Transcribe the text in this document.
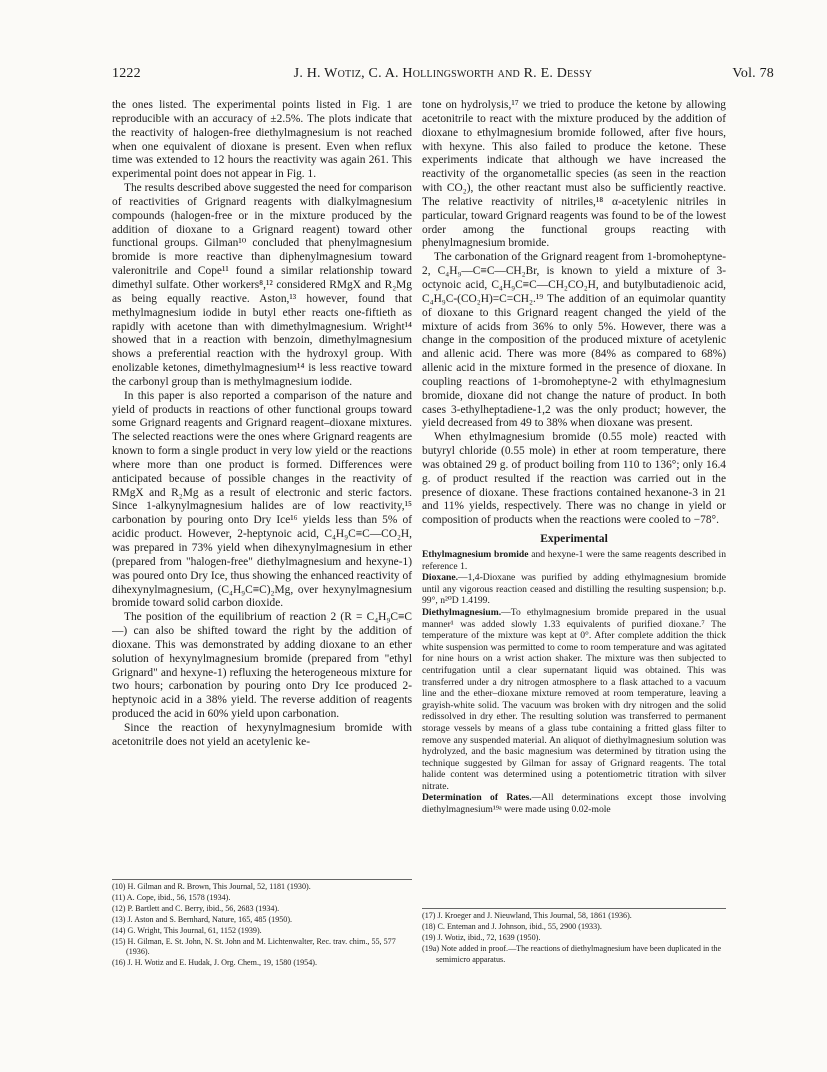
1222	J. H. Wotiz, C. A. Hollingsworth and R. E. Dessy	Vol. 78

the ones listed. The experimental points listed in Fig. 1 are reproducible with an accuracy of ±2.5%. The plots indicate that the reactivity of halogen-free diethylmagnesium is not reached when one equivalent of dioxane is present. Even when reflux time was extended to 12 hours the reactivity was again 261. This experimental point does not appear in Fig. 1.

The results described above suggested the need for comparison of reactivities of Grignard reagents with dialkylmagnesium compounds (halogen-free or in the mixture produced by the addition of dioxane to a Grignard reagent) toward other functional groups. Gilman¹⁰ concluded that phenylmagnesium bromide is more reactive than diphenylmagnesium toward valeronitrile and Cope¹¹ found a similar relationship toward dimethyl sulfate. Other workers⁸,¹² considered RMgX and R₂Mg as being equally reactive. Aston,¹³ however, found that methylmagnesium iodide in butyl ether reacts one-fiftieth as rapidly with acetone than with dimethylmagnesium. Wright¹⁴ showed that in a reaction with benzoin, dimethylmagnesium shows a preferential reaction with the hydroxyl group. With enolizable ketones, dimethylmagnesium¹⁴ is less reactive toward the carbonyl group than is methylmagnesium iodide.

In this paper is also reported a comparison of the nature and yield of products in reactions of other functional groups toward some Grignard reagents and Grignard reagent–dioxane mixtures. The selected reactions were the ones where Grignard reagents are known to form a single product in very low yield or the reactions where more than one product is formed. Differences were anticipated because of possible changes in the reactivity of RMgX and R₂Mg as a result of electronic and steric factors. Since 1-alkynylmagnesium halides are of low reactivity,¹⁵ carbonation by pouring onto Dry Ice¹⁶ yields less than 5% of acidic product. However, 2-heptynoic acid, C₄H₉C≡C—CO₂H, was prepared in 73% yield when dihexynylmagnesium in ether (prepared from "halogen-free" diethylmagnesium and hexyne-1) was poured onto Dry Ice, thus showing the enhanced reactivity of dihexynylmagnesium, (C₄H₉C≡C)₂Mg, over hexynylmagnesium bromide toward solid carbon dioxide.

The position of the equilibrium of reaction 2 (R = C₄H₉C≡C—) can also be shifted toward the right by the addition of dioxane. This was demonstrated by adding dioxane to an ether solution of hexynylmagnesium bromide (prepared from "ethyl Grignard" and hexyne-1) refluxing the heterogeneous mixture for two hours; carbonation by pouring onto Dry Ice produced 2-heptynoic acid in a 38% yield. The reverse addition of reagents produced the acid in 60% yield upon carbonation.

Since the reaction of hexynylmagnesium bromide with acetonitrile does not yield an acetylenic ke-

(10) H. Gilman and R. Brown, This Journal, 52, 1181 (1930).

(11) A. Cope, ibid., 56, 1578 (1934).

(12) P. Bartlett and C. Berry, ibid., 56, 2683 (1934).

(13) J. Aston and S. Bernhard, Nature, 165, 485 (1950).

(14) G. Wright, This Journal, 61, 1152 (1939).

(15) H. Gilman, E. St. John, N. St. John and M. Lichtenwalter, Rec. trav. chim., 55, 577 (1936).

(16) J. H. Wotiz and E. Hudak, J. Org. Chem., 19, 1580 (1954).

tone on hydrolysis,¹⁷ we tried to produce the ketone by allowing acetonitrile to react with the mixture produced by the addition of dioxane to ethylmagnesium bromide followed, after five hours, with hexyne. This also failed to produce the ketone. These experiments indicate that although we have increased the reactivity of the organometallic species (as seen in the reaction with CO₂), the other reactant must also be sufficiently reactive. The relative reactivity of nitriles,¹⁸ α-acetylenic nitriles in particular, toward Grignard reagents was found to be of the lowest order among the functional groups reacting with phenylmagnesium bromide.

The carbonation of the Grignard reagent from 1-bromoheptyne-2, C₄H₉—C≡C—CH₂Br, is known to yield a mixture of 3-octynoic acid, C₄H₉C≡C—CH₂CO₂H, and butylbutadienoic acid, C₄H₉C-(CO₂H)=C=CH₂.¹⁹ The addition of an equimolar quantity of dioxane to this Grignard reagent changed the yield of the mixture of acids from 36% to only 5%. However, there was a change in the composition of the produced mixture of acetylenic and allenic acid. There was more (84% as compared to 68%) allenic acid in the mixture formed in the presence of dioxane. In coupling reactions of 1-bromoheptyne-2 with ethylmagnesium bromide, dioxane did not change the nature of product. In both cases 3-ethylheptadiene-1,2 was the only product; however, the yield decreased from 49 to 38% when dioxane was present.

When ethylmagnesium bromide (0.55 mole) reacted with butyryl chloride (0.55 mole) in ether at room temperature, there was obtained 29 g. of product boiling from 110 to 136°; only 16.4 g. of product resulted if the reaction was carried out in the presence of dioxane. These fractions contained hexanone-3 in 21 and 11% yields, respectively. There was no change in yield or composition of products when the reactions were cooled to −78°.

Experimental

Ethylmagnesium bromide and hexyne-1 were the same reagents described in reference 1.

Dioxane.—1,4-Dioxane was purified by adding ethylmagnesium bromide until any vigorous reaction ceased and distilling the resulting suspension; b.p. 99°, n²⁰D 1.4199.

Diethylmagnesium.—To ethylmagnesium bromide prepared in the usual manner¹ was added slowly 1.33 equivalents of purified dioxane.⁷ The temperature of the mixture was kept at 0°. After complete addition the thick white suspension was permitted to come to room temperature and was agitated for nine hours on a wrist action shaker. The mixture was then subjected to centrifugation until a clear supernatant liquid was obtained. This was transferred under a dry nitrogen atmosphere to a flask attached to a vacuum line and the ether–dioxane mixture removed at room temperature, leaving a grayish-white solid. The vacuum was broken with dry nitrogen and the solid redissolved in dry ether. The resulting solution was transferred to permanent storage vessels by means of a glass tube containing a fritted glass filter to remove any suspended material. An aliquot of diethylmagnesium solution was hydrolyzed, and the basic magnesium was determined by titration using the technique suggested by Gilman for assay of Grignard reagents. The total halide content was determined using a potentiometric titration with silver nitrate.

Determination of Rates.—All determinations except those involving diethylmagnesium¹⁹ᵃ were made using 0.02-mole

(17) J. Kroeger and J. Nieuwland, This Journal, 58, 1861 (1936).

(18) C. Enteman and J. Johnson, ibid., 55, 2900 (1933).

(19) J. Wotiz, ibid., 72, 1639 (1950).

(19a) Note added in proof.—The reactions of diethylmagnesium have been duplicated in the semimicro apparatus.
